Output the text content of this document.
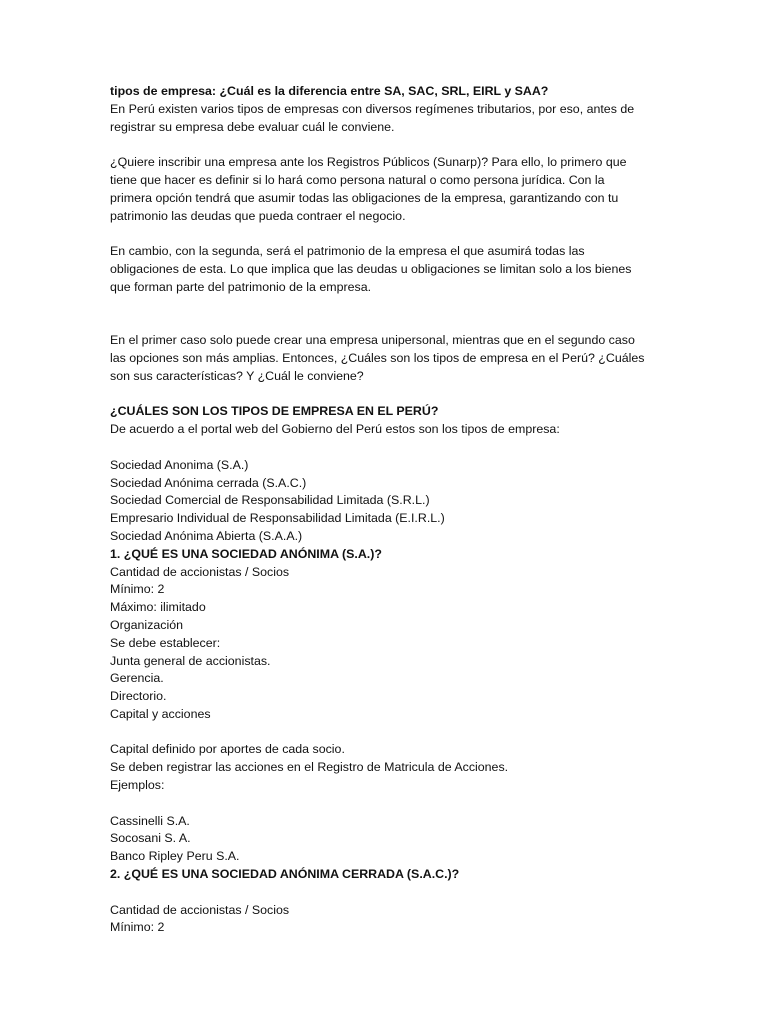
tipos de empresa: ¿Cuál es la diferencia entre SA, SAC, SRL, EIRL y SAA?
En Perú existen varios tipos de empresas con diversos regímenes tributarios, por eso, antes de
registrar su empresa debe evaluar cuál le conviene.
¿Quiere inscribir una empresa ante los Registros Públicos (Sunarp)? Para ello, lo primero que
tiene que hacer es definir si lo hará como persona natural o como persona jurídica. Con la
primera opción tendrá que asumir todas las obligaciones de la empresa, garantizando con tu
patrimonio las deudas que pueda contraer el negocio.
En cambio, con la segunda, será el patrimonio de la empresa el que asumirá todas las
obligaciones de esta. Lo que implica que las deudas u obligaciones se limitan solo a los bienes
que forman parte del patrimonio de la empresa.
En el primer caso solo puede crear una empresa unipersonal, mientras que en el segundo caso
las opciones son más amplias. Entonces, ¿Cuáles son los tipos de empresa en el Perú? ¿Cuáles
son sus características? Y ¿Cuál le conviene?
¿CUÁLES SON LOS TIPOS DE EMPRESA EN EL PERÚ?
De acuerdo a el portal web del Gobierno del Perú estos son los tipos de empresa:
Sociedad Anonima (S.A.)
Sociedad Anónima cerrada (S.A.C.)
Sociedad Comercial de Responsabilidad Limitada (S.R.L.)
Empresario Individual de Responsabilidad Limitada (E.I.R.L.)
Sociedad Anónima Abierta (S.A.A.)
1. ¿QUÉ ES UNA SOCIEDAD ANÓNIMA (S.A.)?
Cantidad de accionistas / Socios
Mínimo: 2
Máximo: ilimitado
Organización
Se debe establecer:
Junta general de accionistas.
Gerencia.
Directorio.
Capital y acciones
Capital definido por aportes de cada socio.
Se deben registrar las acciones en el Registro de Matricula de Acciones.
Ejemplos:
Cassinelli S.A.
Socosani S. A.
Banco Ripley Peru S.A.
2. ¿QUÉ ES UNA SOCIEDAD ANÓNIMA CERRADA (S.A.C.)?
Cantidad de accionistas / Socios
Mínimo: 2
